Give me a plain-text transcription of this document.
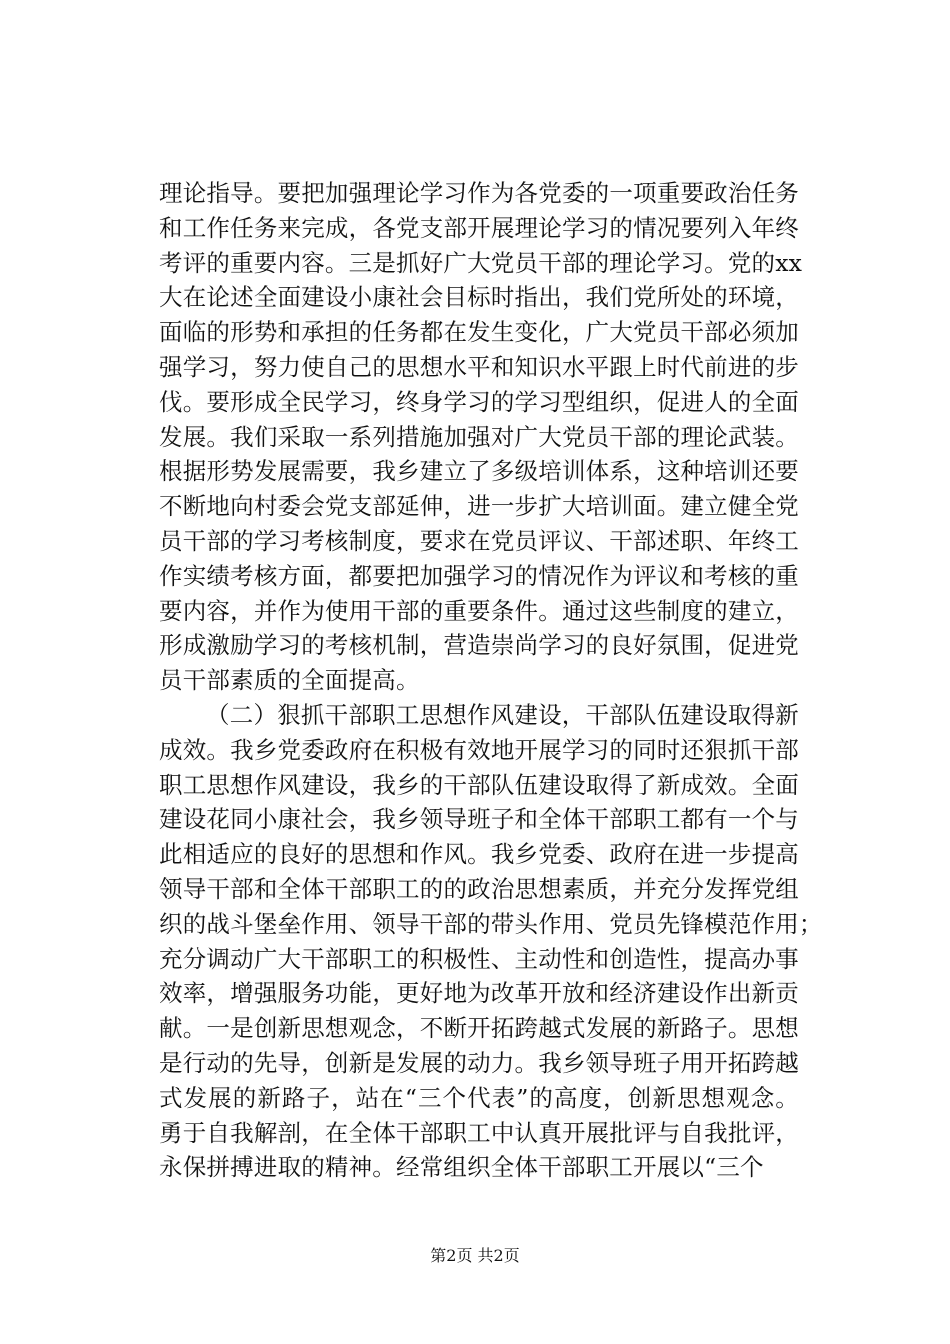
理论指导。要把加强理论学习作为各党委的一项重要政治任务
和工作任务来完成，各党支部开展理论学习的情况要列入年终
考评的重要内容。三是抓好广大党员干部的理论学习。党的xx
大在论述全面建设小康社会目标时指出，我们党所处的环境，
面临的形势和承担的任务都在发生变化，广大党员干部必须加
强学习，努力使自己的思想水平和知识水平跟上时代前进的步
伐。要形成全民学习，终身学习的学习型组织，促进人的全面
发展。我们采取一系列措施加强对广大党员干部的理论武装。
根据形势发展需要，我乡建立了多级培训体系，这种培训还要
不断地向村委会党支部延伸，进一步扩大培训面。建立健全党
员干部的学习考核制度，要求在党员评议、干部述职、年终工
作实绩考核方面，都要把加强学习的情况作为评议和考核的重
要内容，并作为使用干部的重要条件。通过这些制度的建立，
形成激励学习的考核机制，营造崇尚学习的良好氛围，促进党
员干部素质的全面提高。
（二）狠抓干部职工思想作风建设，干部队伍建设取得新
成效。我乡党委政府在积极有效地开展学习的同时还狠抓干部
职工思想作风建设，我乡的干部队伍建设取得了新成效。全面
建设花同小康社会，我乡领导班子和全体干部职工都有一个与
此相适应的良好的思想和作风。我乡党委、政府在进一步提高
领导干部和全体干部职工的的政治思想素质，并充分发挥党组
织的战斗堡垒作用、领导干部的带头作用、党员先锋模范作用；
充分调动广大干部职工的积极性、主动性和创造性，提高办事
效率，增强服务功能，更好地为改革开放和经济建设作出新贡
献。一是创新思想观念，不断开拓跨越式发展的新路子。思想
是行动的先导，创新是发展的动力。我乡领导班子用开拓跨越
式发展的新路子，站在“三个代表”的高度，创新思想观念。
勇于自我解剖，在全体干部职工中认真开展批评与自我批评，
永保拼搏进取的精神。经常组织全体干部职工开展以“三个
第2页 共2页
